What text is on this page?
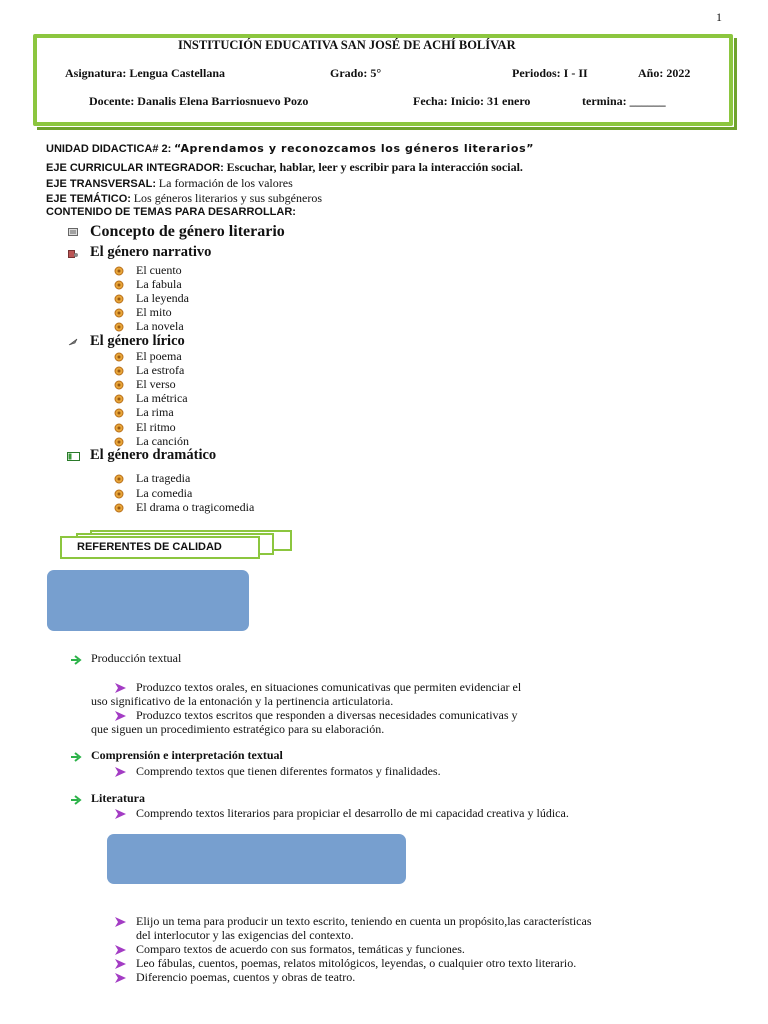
1
INSTITUCIÓN EDUCATIVA SAN JOSÉ DE ACHÍ BOLÍVAR
Asignatura: Lengua Castellana	Grado: 5°	Periodos: I - II	Año: 2022
Docente: Danalis Elena Barriosnuevo Pozo	Fecha: Inicio: 31 enero	termina: ______
UNIDAD DIDACTICA# 2: “Aprendamos y reconozcamos los géneros literarios”
EJE CURRICULAR INTEGRADOR: Escuchar, hablar, leer y escribir para la interacción social.
EJE TRANSVERSAL: La formación de los valores
EJE TEMÁTICO: Los géneros literarios y sus subgéneros
CONTENIDO DE TEMAS PARA DESARROLLAR:
Concepto de género literario
El género narrativo
El cuento
La fabula
La leyenda
El mito
La novela
El género lírico
El poema
La estrofa
El verso
La métrica
La rima
El ritmo
La canción
El género dramático
La tragedia
La comedia
El drama o tragicomedia
REFERENTES DE CALIDAD
Producción textual
Produzco textos orales, en situaciones comunicativas que permiten evidenciar el
uso significativo de la entonación y la pertinencia articulatoria.
Produzco textos escritos que responden a diversas necesidades comunicativas y
que siguen un procedimiento estratégico para su elaboración.
Comprensión e interpretación textual
Comprendo textos que tienen diferentes formatos y finalidades.
Literatura
Comprendo textos literarios para propiciar el desarrollo de mi capacidad creativa y lúdica.
Elijo un tema para producir un texto escrito, teniendo en cuenta un propósito,las características
del interlocutor y las exigencias del contexto.
Comparo textos de acuerdo con sus formatos, temáticas y funciones.
Leo fábulas, cuentos, poemas, relatos mitológicos, leyendas, o cualquier otro texto literario.
Diferencio poemas, cuentos y obras de teatro.
